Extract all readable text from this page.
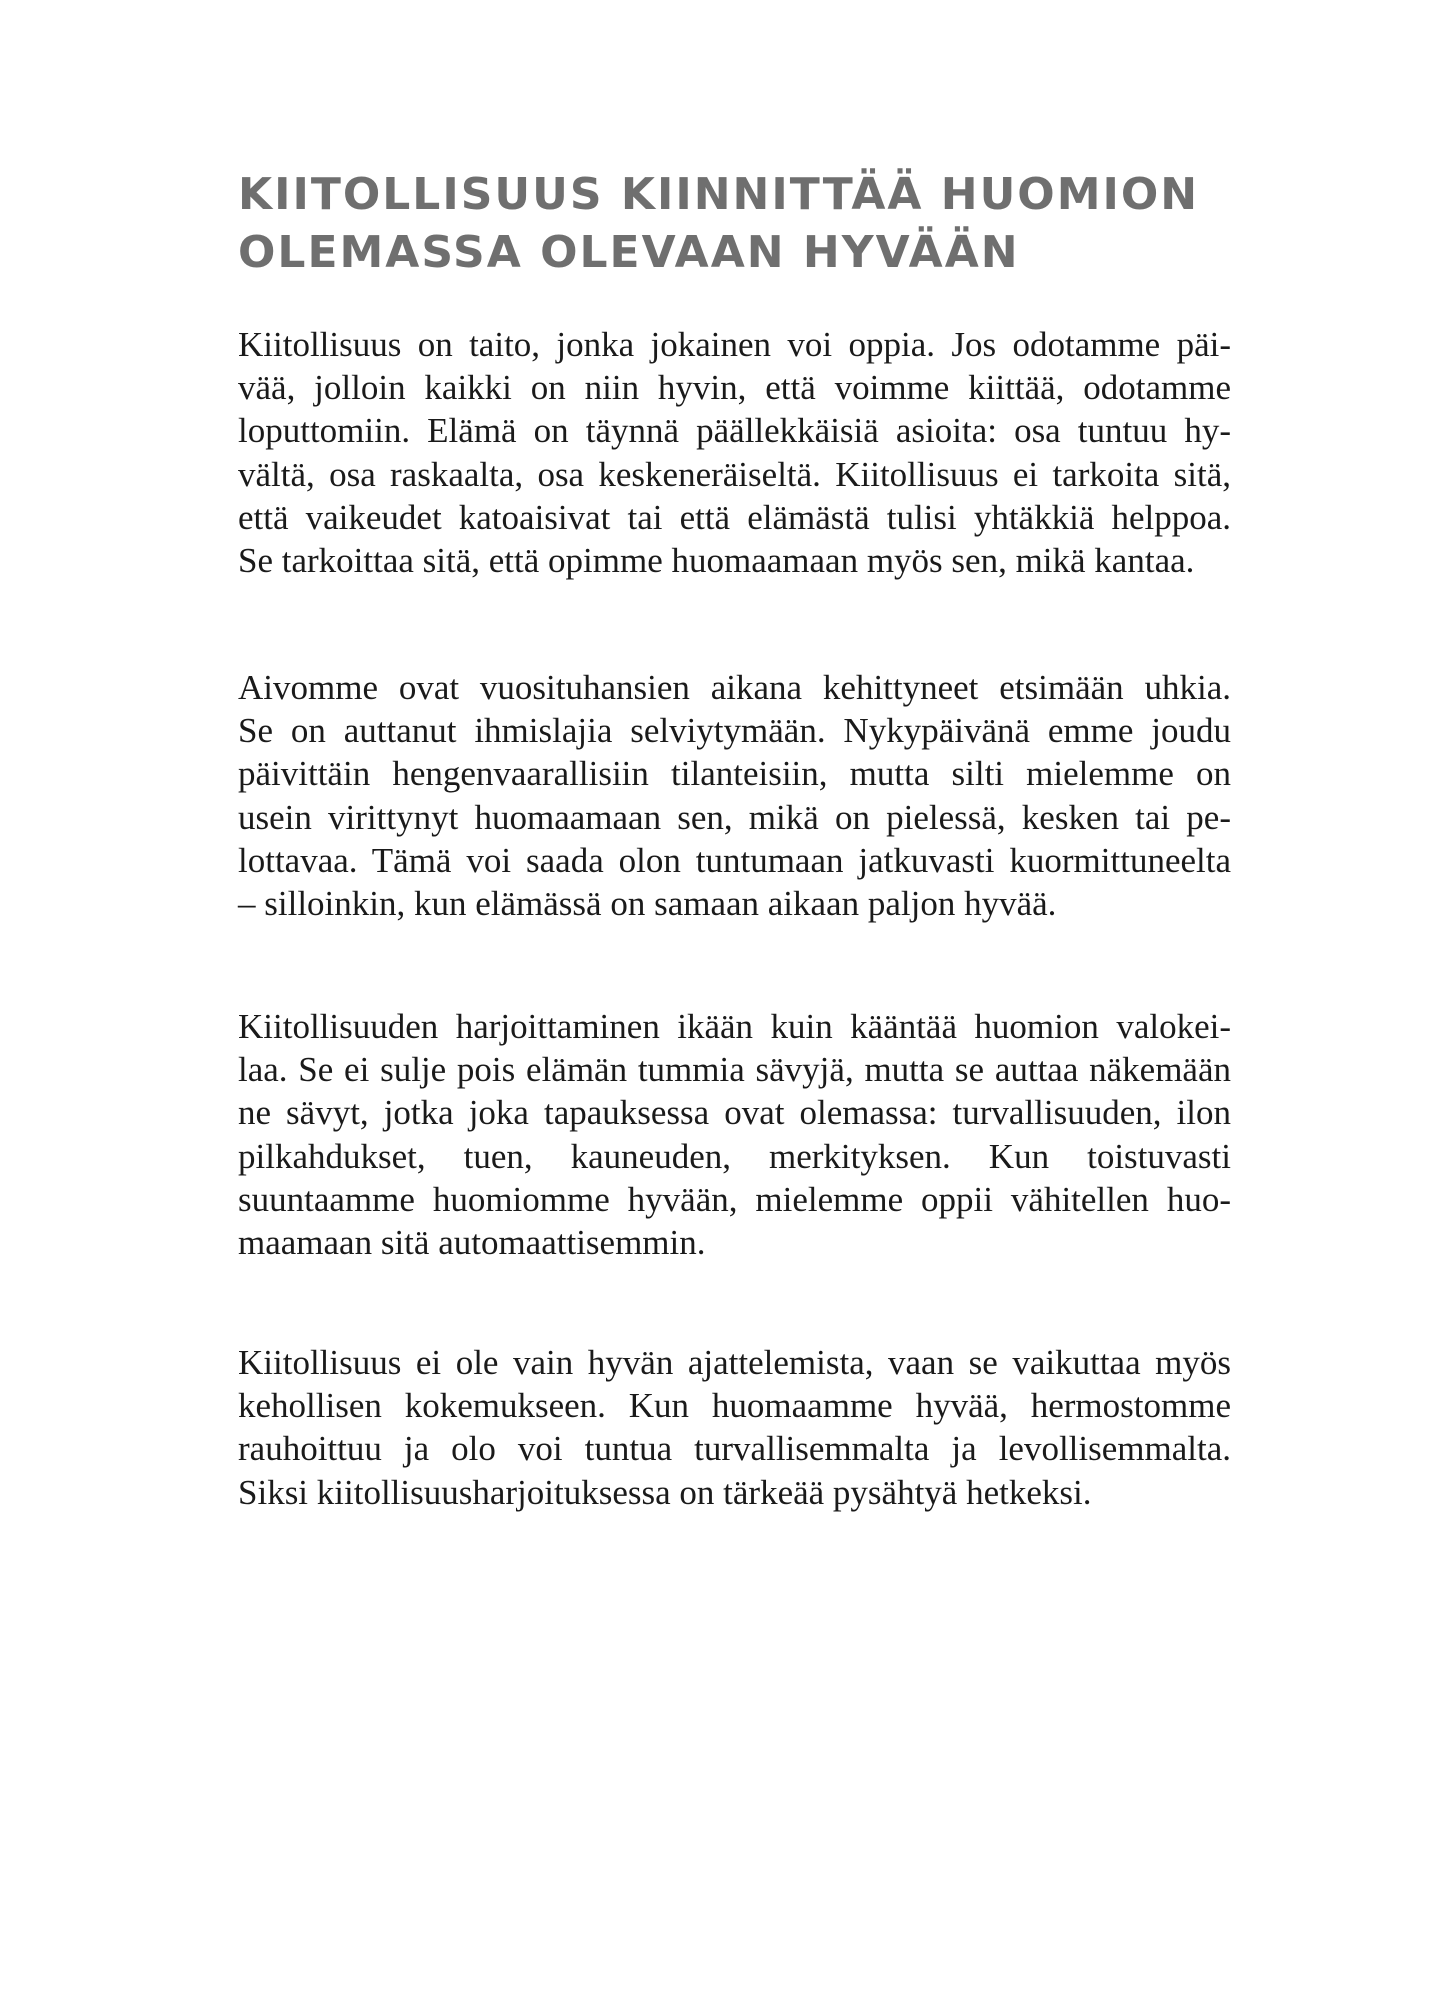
KIITOLLISUUS KIINNITTÄÄ HUOMION
OLEMASSA OLEVAAN HYVÄÄN

Kiitollisuus on taito, jonka jokainen voi oppia. Jos odotamme päi-
vää, jolloin kaikki on niin hyvin, että voimme kiittää, odotamme
loputtomiin. Elämä on täynnä päällekkäisiä asioita: osa tuntuu hy-
vältä, osa raskaalta, osa keskeneräiseltä. Kiitollisuus ei tarkoita sitä,
että vaikeudet katoaisivat tai että elämästä tulisi yhtäkkiä helppoa.
Se tarkoittaa sitä, että opimme huomaamaan myös sen, mikä kantaa.

Aivomme ovat vuosituhansien aikana kehittyneet etsimään uhkia.
Se on auttanut ihmislajia selviytymään. Nykypäivänä emme joudu
päivittäin hengenvaarallisiin tilanteisiin, mutta silti mielemme on
usein virittynyt huomaamaan sen, mikä on pielessä, kesken tai pe-
lottavaa. Tämä voi saada olon tuntumaan jatkuvasti kuormittuneelta
– silloinkin, kun elämässä on samaan aikaan paljon hyvää.

Kiitollisuuden harjoittaminen ikään kuin kääntää huomion valokei-
laa. Se ei sulje pois elämän tummia sävyjä, mutta se auttaa näkemään
ne sävyt, jotka joka tapauksessa ovat olemassa: turvallisuuden, ilon
pilkahdukset, tuen, kauneuden, merkityksen. Kun toistuvasti
suuntaamme huomiomme hyvään, mielemme oppii vähitellen huo-
maamaan sitä automaattisemmin.

Kiitollisuus ei ole vain hyvän ajattelemista, vaan se vaikuttaa myös
kehollisen kokemukseen. Kun huomaamme hyvää, hermostomme
rauhoittuu ja olo voi tuntua turvallisemmalta ja levollisemmalta.
Siksi kiitollisuusharjoituksessa on tärkeää pysähtyä hetkeksi.
